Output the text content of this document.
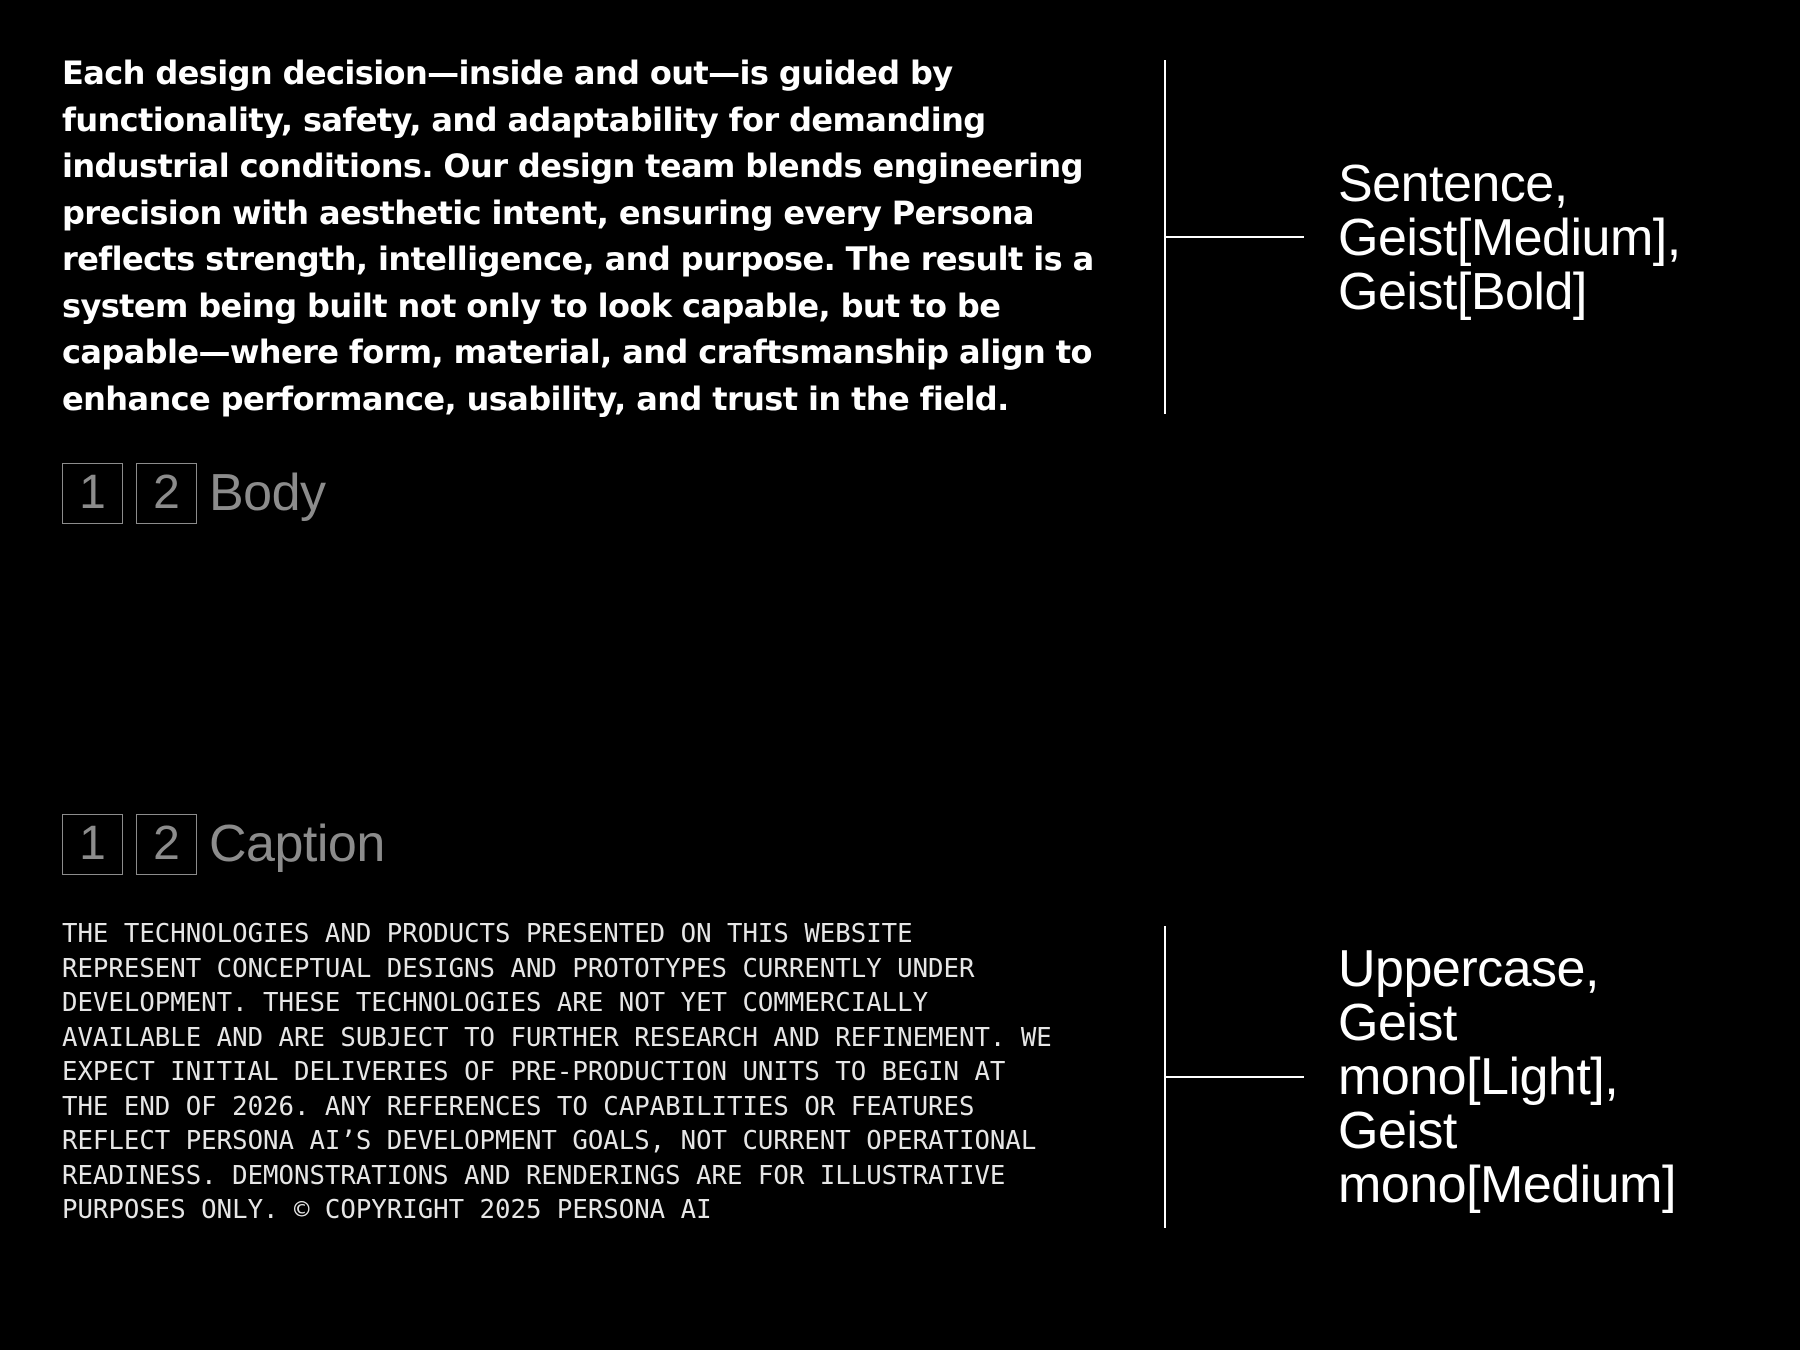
Each design decision—inside and out—is guided by functionality, safety, and adaptability for demanding industrial conditions. Our design team blends engineering precision with aesthetic intent, ensuring every Persona reflects strength, intelligence, and purpose. The result is a system being built not only to look capable, but to be capable—where form, material, and craftsmanship align to enhance performance, usability, and trust in the field.

1 2 Body
Sentence,
Geist[Medium],
Geist[Bold]
1 2 Caption

THE TECHNOLOGIES AND PRODUCTS PRESENTED ON THIS WEBSITE
REPRESENT CONCEPTUAL DESIGNS AND PROTOTYPES CURRENTLY UNDER
DEVELOPMENT. THESE TECHNOLOGIES ARE NOT YET COMMERCIALLY
AVAILABLE AND ARE SUBJECT TO FURTHER RESEARCH AND REFINEMENT. WE
EXPECT INITIAL DELIVERIES OF PRE-PRODUCTION UNITS TO BEGIN AT
THE END OF 2026. ANY REFERENCES TO CAPABILITIES OR FEATURES
REFLECT PERSONA AI’S DEVELOPMENT GOALS, NOT CURRENT OPERATIONAL
READINESS. DEMONSTRATIONS AND RENDERINGS ARE FOR ILLUSTRATIVE
PURPOSES ONLY. © COPYRIGHT 2025 PERSONA AI

Uppercase,
Geist
mono[Light],
Geist
mono[Medium]
